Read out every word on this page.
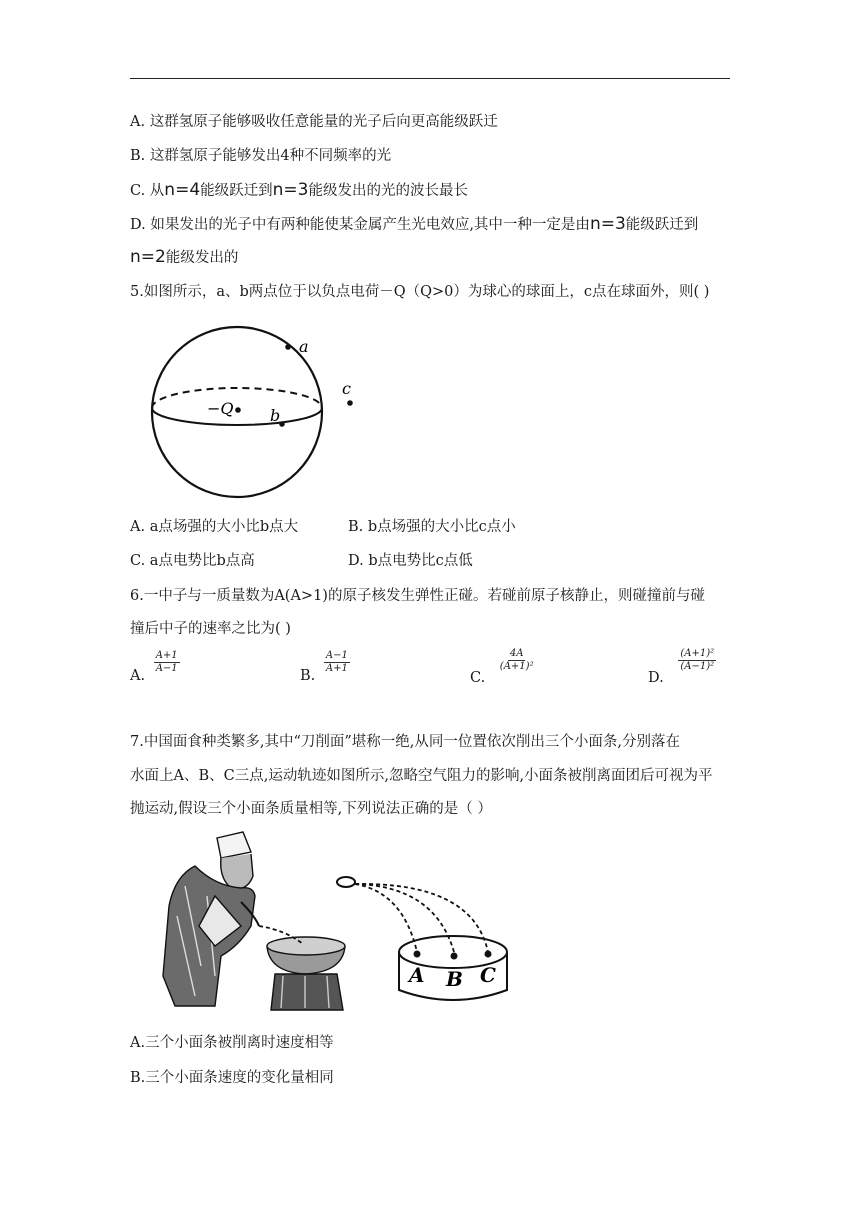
A. 这群氢原子能够吸收任意能量的光子后向更高能级跃迁
B. 这群氢原子能够发出4种不同频率的光
C. 从n=4能级跃迁到n=3能级发出的光的波长最长
D. 如果发出的光子中有两种能使某金属产生光电效应,其中一种一定是由n=3能级跃迁到
n=2能级发出的
5.如图所示，a、b两点位于以负点电荷－Q（Q>0）为球心的球面上，c点在球面外，则( )
a
b
−Q
c
A. a点场强的大小比b点大	B. b点场强的大小比c点小
C. a点电势比b点高	D. b点电势比c点低
6.一中子与一质量数为A(A>1)的原子核发生弹性正碰。若碰前原子核静止，则碰撞前与碰
撞后中子的速率之比为( )
A.
$\frac{A+1}{A-1}$
B.
$\frac{A-1}{A+1}$
C.
$\frac{4A}{\text{(A+1)²}}$
D.
$\frac{\text{(A+1)²}}{\text{(A−1)²}}$
7.中国面食种类繁多,其中“刀削面”堪称一绝,从同一位置依次削出三个小面条,分别落在
水面上A、B、C三点,运动轨迹如图所示,忽略空气阻力的影响,小面条被削离面团后可视为平
抛运动,假设三个小面条质量相等,下列说法正确的是（ ）
A B C
A.三个小面条被削离时速度相等
B.三个小面条速度的变化量相同
